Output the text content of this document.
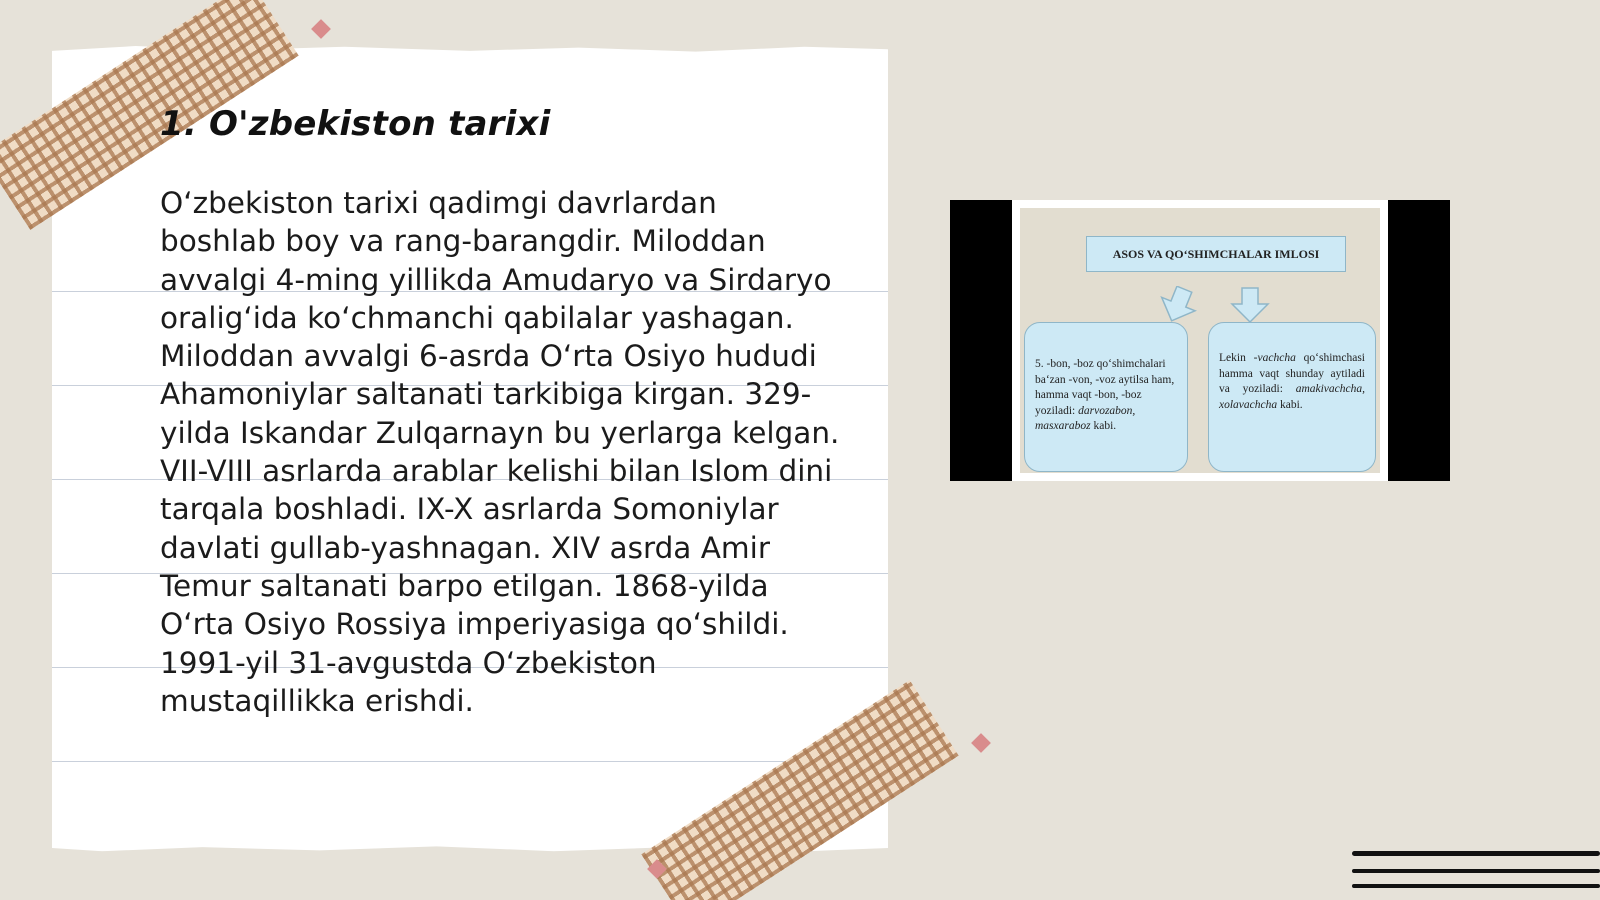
1. O'zbekiston tarixi

O‘zbekiston tarixi qadimgi davrlardan boshlab boy va rang-barangdir. Miloddan avvalgi 4-ming yillikda Amudaryo va Sirdaryo oralig‘ida ko‘chmanchi qabilalar yashagan. Miloddan avvalgi 6-asrda O‘rta Osiyo hududi Ahamoniylar saltanati tarkibiga kirgan. 329-yilda Iskandar Zulqarnayn bu yerlarga kelgan. VII-VIII asrlarda arablar kelishi bilan Islom dini tarqala boshladi. IX-X asrlarda Somoniylar davlati gullab-yashnagan. XIV asrda Amir Temur saltanati barpo etilgan. 1868-yilda O‘rta Osiyo Rossiya imperiyasiga qo‘shildi. 1991-yil 31-avgustda O‘zbekiston mustaqillikka erishdi.

ASOS VA QO‘SHIMCHALAR IMLOSI
5. -bon, -boz qo‘shimchalari ba‘zan -von, -voz aytilsa ham, hamma vaqt -bon, -boz yoziladi: darvozabon, masxaraboz kabi.
Lekin -vachcha qo‘shimchasi hamma vaqt shunday aytiladi va yoziladi: amakivachcha, xolavachcha kabi.
